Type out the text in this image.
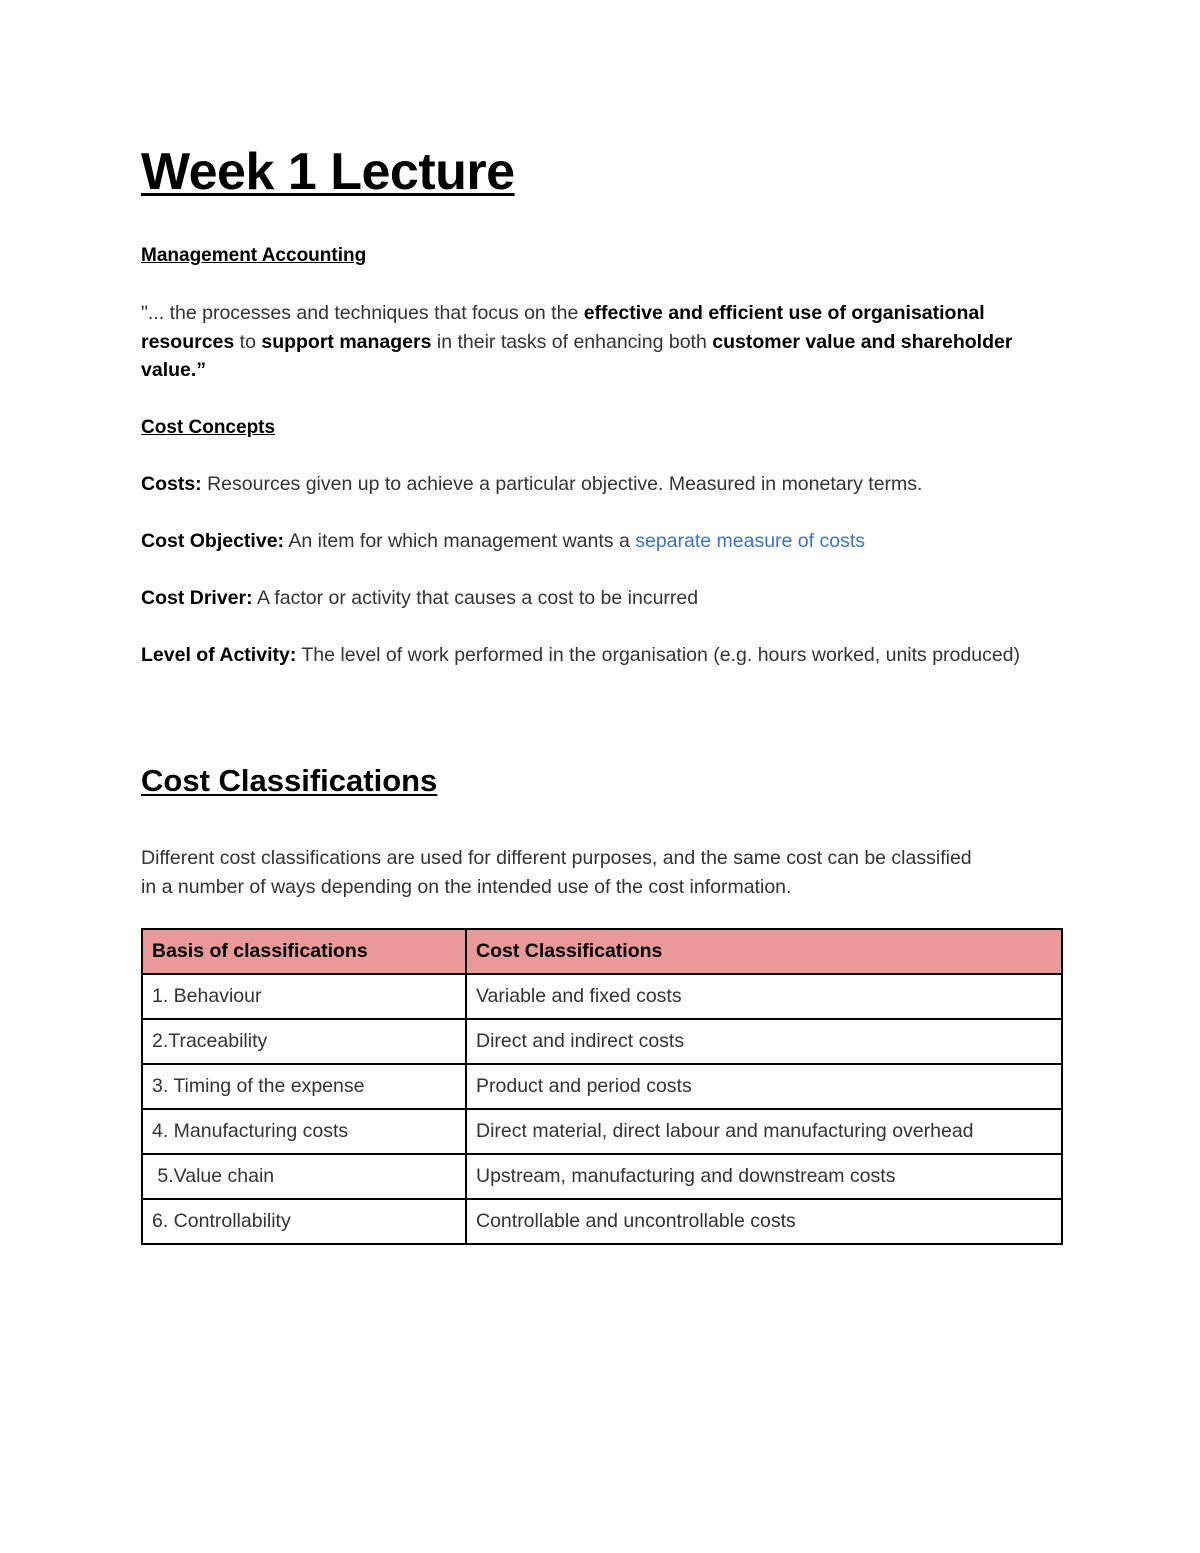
Week 1 Lecture
Management Accounting

"... the processes and techniques that focus on the effective and efficient use of organisational resources to support managers in their tasks of enhancing both customer value and shareholder value.”

Cost Concepts

Costs: Resources given up to achieve a particular objective. Measured in monetary terms.

Cost Objective: An item for which management wants a separate measure of costs

Cost Driver: A factor or activity that causes a cost to be incurred

Level of Activity: The level of work performed in the organisation (e.g. hours worked, units produced)

Cost Classifications

Different cost classifications are used for different purposes, and the same cost can be classified in a number of ways depending on the intended use of the cost information.

Basis of classifications	Cost Classifications
1. Behaviour	Variable and fixed costs
2.Traceability	Direct and indirect costs
3. Timing of the expense	Product and period costs
4. Manufacturing costs	Direct material, direct labour and manufacturing overhead
5.Value chain	Upstream, manufacturing and downstream costs
6. Controllability	Controllable and uncontrollable costs
